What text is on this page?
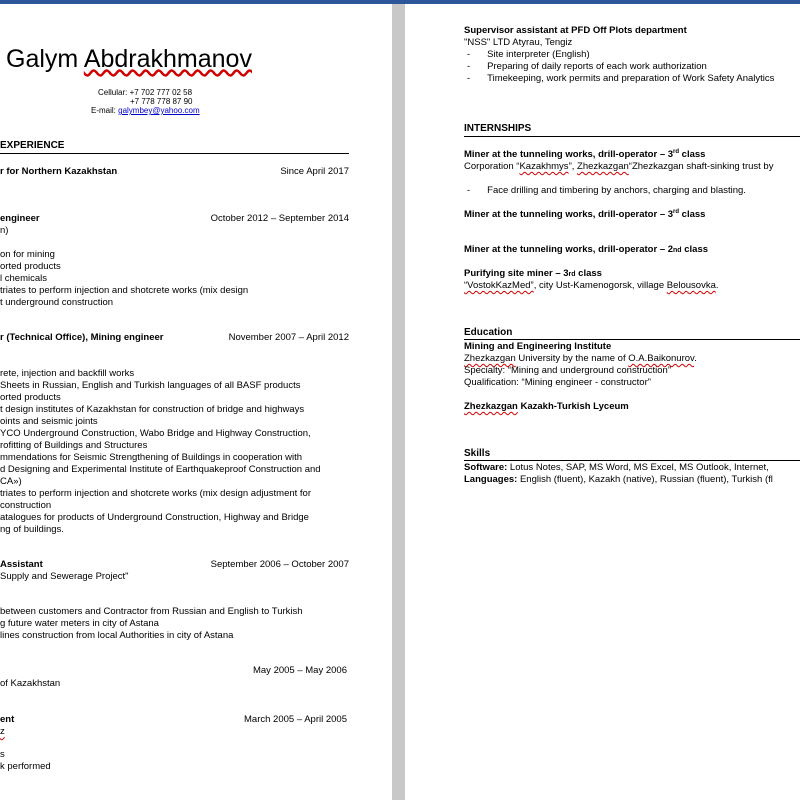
Galym Abdrakhmanov
Cellular: +7 702 777 02 58
+7 778 778 87 90
E-mail: galymbey@yahoo.com
EXPERIENCE
r for Northern Kazakhstan	Since April 2017
engineer	October 2012 – September 2014
n)
on for mining
orted products
l chemicals
triates to perform injection and shotcrete works (mix design
t underground construction
r (Technical Office), Mining engineer	November 2007 – April 2012
rete, injection and backfill works
Sheets in Russian, English and Turkish languages of all BASF products
orted products
t design institutes of Kazakhstan for construction of bridge and highways
oints and seismic joints
YCO Underground Construction, Wabo Bridge and Highway Construction,
rofitting of Buildings and Structures
mmendations for Seismic Strengthening of Buildings in cooperation with
d Designing and Experimental Institute of Earthquakeproof Construction and
CA»)
triates to perform injection and shotcrete works (mix design adjustment for
construction
atalogues for products of Underground Construction, Highway and Bridge
ng of buildings.
Assistant	September 2006 – October 2007
Supply and Sewerage Project"
between customers and Contractor from Russian and English to Turkish
g future water meters in city of Astana
lines construction from local Authorities in city of Astana
May 2005 – May 2006
of Kazakhstan
ent	March 2005 – April 2005
z
s
k performed
Supervisor assistant at PFD Off Plots department
"NSS" LTD Atyrau, Tengiz
- Site interpreter (English)
- Preparing of daily reports of each work authorization
- Timekeeping, work permits and preparation of Work Safety Analytics
INTERNSHIPS
Miner at the tunneling works, drill-operator – 3rd class
Corporation “Kazakhmys”, Zhezkazgan“Zhezkazgan shaft-sinking trust by
- Face drilling and timbering by anchors, charging and blasting.
Miner at the tunneling works, drill-operator – 3rd class
Miner at the tunneling works, drill-operator – 2nd class
Purifying site miner – 3rd class
“VostokKazMed”, city Ust-Kamenogorsk, village Belousovka.
Education
Mining and Engineering Institute
Zhezkazgan University by the name of O.A.Baikonurov.
Specialty: “Mining and underground construction”
Qualification: “Mining engineer - constructor”
Zhezkazgan Kazakh-Turkish Lyceum
Skills
Software: Lotus Notes, SAP, MS Word, MS Excel, MS Outlook, Internet,
Languages: English (fluent), Kazakh (native), Russian (fluent), Turkish (fl
